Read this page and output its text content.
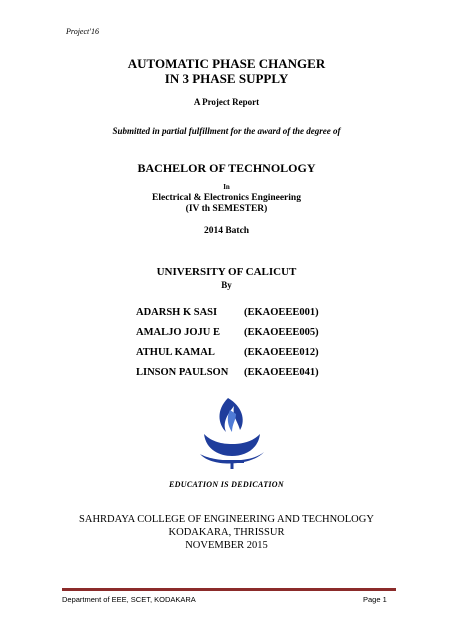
Project'16
AUTOMATIC PHASE CHANGER
IN 3 PHASE SUPPLY
A Project Report
Submitted in partial fulfillment for the award of the degree of
BACHELOR OF TECHNOLOGY
In
Electrical & Electronics Engineering
(IV th SEMESTER)
2014 Batch
UNIVERSITY OF CALICUT
By
ADARSH K SASI	(EKAOEEE001)
AMALJO JOJU E	(EKAOEEE005)
ATHUL KAMAL	(EKAOEEE012)
LINSON PAULSON	(EKAOEEE041)
EDUCATION IS DEDICATION
SAHRDAYA COLLEGE OF ENGINEERING AND TECHNOLOGY
KODAKARA, THRISSUR
NOVEMBER 2015
Department of EEE, SCET, KODAKARA	Page 1
